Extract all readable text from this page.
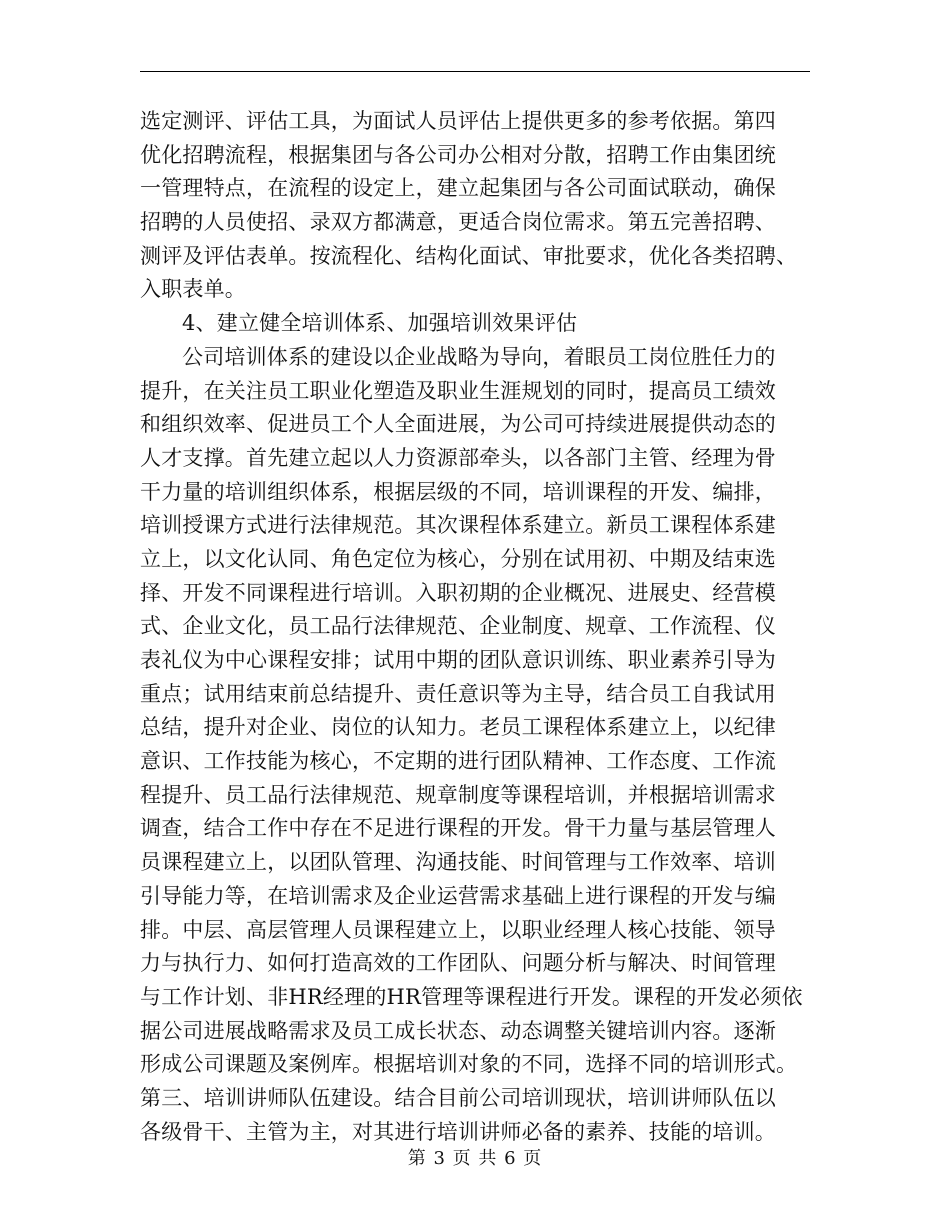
选定测评、评估工具，为面试人员评估上提供更多的参考依据。第四
优化招聘流程，根据集团与各公司办公相对分散，招聘工作由集团统
一管理特点，在流程的设定上，建立起集团与各公司面试联动，确保
招聘的人员使招、录双方都满意，更适合岗位需求。第五完善招聘、
测评及评估表单。按流程化、结构化面试、审批要求，优化各类招聘、
入职表单。
4、建立健全培训体系、加强培训效果评估
公司培训体系的建设以企业战略为导向，着眼员工岗位胜任力的
提升，在关注员工职业化塑造及职业生涯规划的同时，提高员工绩效
和组织效率、促进员工个人全面进展，为公司可持续进展提供动态的
人才支撑。首先建立起以人力资源部牵头，以各部门主管、经理为骨
干力量的培训组织体系，根据层级的不同，培训课程的开发、编排，
培训授课方式进行法律规范。其次课程体系建立。新员工课程体系建
立上，以文化认同、角色定位为核心，分别在试用初、中期及结束选
择、开发不同课程进行培训。入职初期的企业概况、进展史、经营模
式、企业文化，员工品行法律规范、企业制度、规章、工作流程、仪
表礼仪为中心课程安排；试用中期的团队意识训练、职业素养引导为
重点；试用结束前总结提升、责任意识等为主导，结合员工自我试用
总结，提升对企业、岗位的认知力。老员工课程体系建立上，以纪律
意识、工作技能为核心，不定期的进行团队精神、工作态度、工作流
程提升、员工品行法律规范、规章制度等课程培训，并根据培训需求
调查，结合工作中存在不足进行课程的开发。骨干力量与基层管理人
员课程建立上，以团队管理、沟通技能、时间管理与工作效率、培训
引导能力等，在培训需求及企业运营需求基础上进行课程的开发与编
排。中层、高层管理人员课程建立上，以职业经理人核心技能、领导
力与执行力、如何打造高效的工作团队、问题分析与解决、时间管理
与工作计划、非HR经理的HR管理等课程进行开发。课程的开发必须依
据公司进展战略需求及员工成长状态、动态调整关键培训内容。逐渐
形成公司课题及案例库。根据培训对象的不同，选择不同的培训形式。
第三、培训讲师队伍建设。结合目前公司培训现状，培训讲师队伍以
各级骨干、主管为主，对其进行培训讲师必备的素养、技能的培训。
第 3 页 共 6 页
